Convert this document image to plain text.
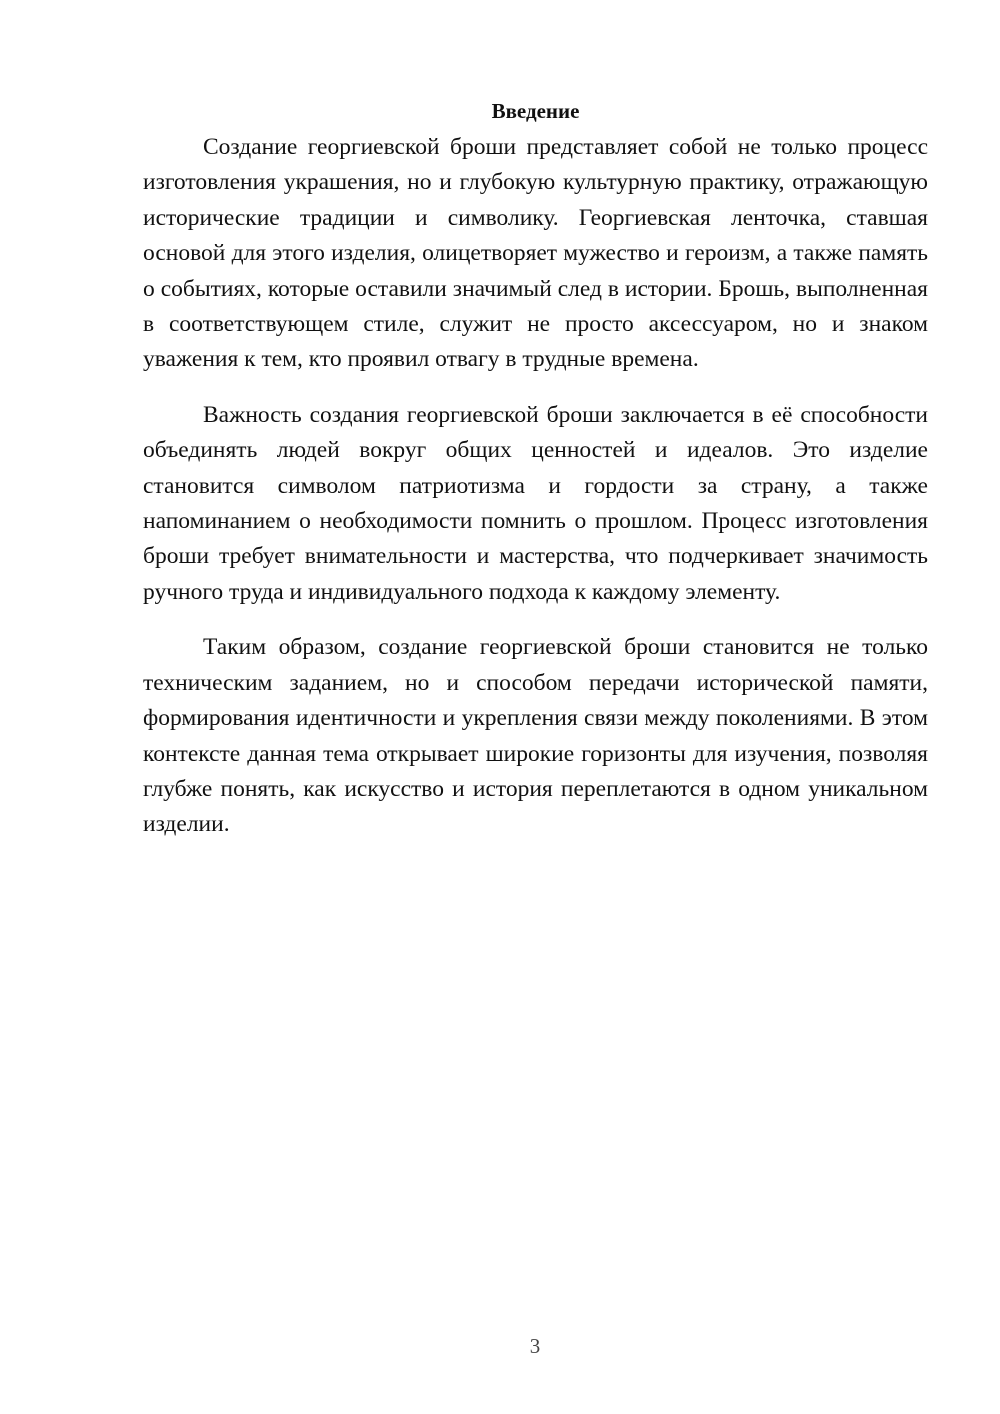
Введение

Создание георгиевской броши представляет собой не только процесс изготовления украшения, но и глубокую культурную практику, отражающую исторические традиции и символику. Георгиевская ленточка, ставшая основой для этого изделия, олицетворяет мужество и героизм, а также память о событиях, которые оставили значимый след в истории. Брошь, выполненная в соответствующем стиле, служит не просто аксессуаром, но и знаком уважения к тем, кто проявил отвагу в трудные времена.

Важность создания георгиевской броши заключается в её способности объединять людей вокруг общих ценностей и идеалов. Это изделие становится символом патриотизма и гордости за страну, а также напоминанием о необходимости помнить о прошлом. Процесс изготовления броши требует внимательности и мастерства, что подчеркивает значимость ручного труда и индивидуального подхода к каждому элементу.

Таким образом, создание георгиевской броши становится не только техническим заданием, но и способом передачи исторической памяти, формирования идентичности и укрепления связи между поколениями. В этом контексте данная тема открывает широкие горизонты для изучения, позволяя глубже понять, как искусство и история переплетаются в одном уникальном изделии.

3
